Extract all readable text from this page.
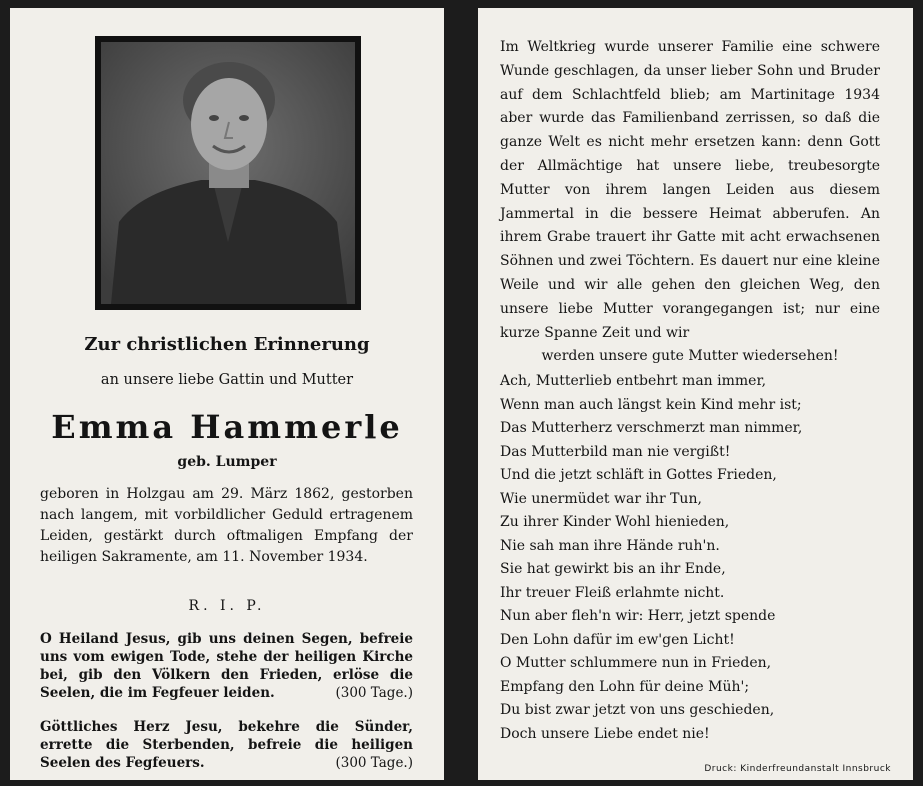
Zur christlichen Erinnerung
an unsere liebe Gattin und Mutter
Emma Hammerle
geb. Lumper
geboren in Holzgau am 29. März 1862, gestorben nach langem, mit vorbildlicher Geduld ertragenem Leiden, gestärkt durch oftmaligen Empfang der heiligen Sakramente, am 11. November 1934.
R. I. P.
O Heiland Jesus, gib uns deinen Segen, befreie uns vom ewigen Tode, stehe der heiligen Kirche bei, gib den Völkern den Frieden, erlöse die Seelen, die im Fegfeuer leiden.	(300 Tage.)
Göttliches Herz Jesu, bekehre die Sünder, errette die Sterbenden, befreie die heiligen Seelen des Fegfeuers.	(300 Tage.)
Im Weltkrieg wurde unserer Familie eine schwere Wunde geschlagen, da unser lieber Sohn und Bruder auf dem Schlachtfeld blieb; am Martinitage 1934 aber wurde das Familienband zerrissen, so daß die ganze Welt es nicht mehr ersetzen kann: denn Gott der Allmächtige hat unsere liebe, treubesorgte Mutter von ihrem langen Leiden aus diesem Jammertal in die bessere Heimat abberufen. An ihrem Grabe trauert ihr Gatte mit acht erwachsenen Söhnen und zwei Töchtern. Es dauert nur eine kleine Weile und wir alle gehen den gleichen Weg, den unsere liebe Mutter vorangegangen ist; nur eine kurze Spanne Zeit und wir
werden unsere gute Mutter wiedersehen!
Ach, Mutterlieb entbehrt man immer,
Wenn man auch längst kein Kind mehr ist;
Das Mutterherz verschmerzt man nimmer,
Das Mutterbild man nie vergißt!
Und die jetzt schläft in Gottes Frieden,
Wie unermüdet war ihr Tun,
Zu ihrer Kinder Wohl hienieden,
Nie sah man ihre Hände ruh'n.
Sie hat gewirkt bis an ihr Ende,
Ihr treuer Fleiß erlahmte nicht.
Nun aber fleh'n wir: Herr, jetzt spende
Den Lohn dafür im ew'gen Licht!
O Mutter schlummere nun in Frieden,
Empfang den Lohn für deine Müh';
Du bist zwar jetzt von uns geschieden,
Doch unsere Liebe endet nie!
Druck: Kinderfreundanstalt Innsbruck
